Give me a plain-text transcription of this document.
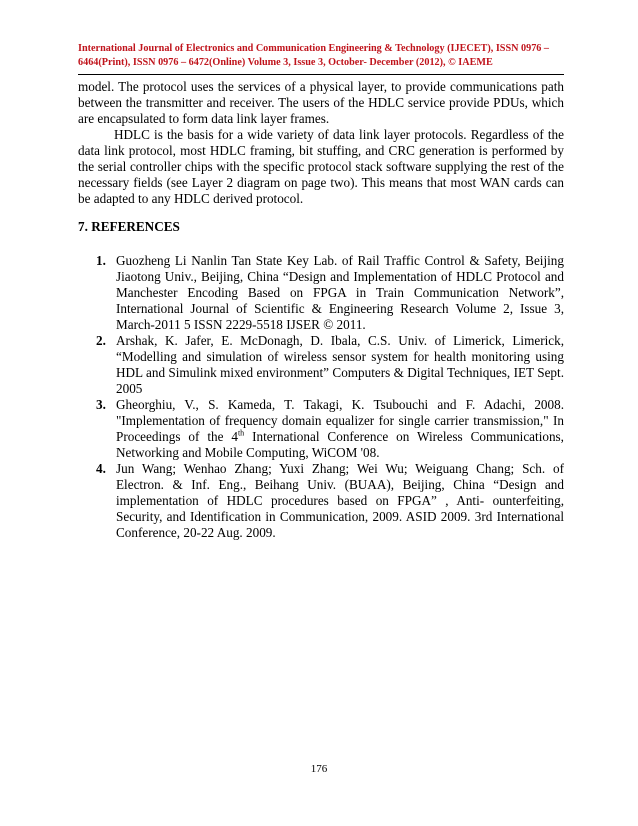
International Journal of Electronics and Communication Engineering & Technology (IJECET), ISSN 0976 –
6464(Print), ISSN 0976 – 6472(Online) Volume 3, Issue 3, October- December (2012), © IAEME

model. The protocol uses the services of a physical layer, to provide communications path between the transmitter and receiver. The users of the HDLC service provide PDUs, which are encapsulated to form data link layer frames.

HDLC is the basis for a wide variety of data link layer protocols. Regardless of the data link protocol, most HDLC framing, bit stuffing, and CRC generation is performed by the serial controller chips with the specific protocol stack software supplying the rest of the necessary fields (see Layer 2 diagram on page two). This means that most WAN cards can be adapted to any HDLC derived protocol.

7. REFERENCES
1. Guozheng Li Nanlin Tan State Key Lab. of Rail Traffic Control & Safety, Beijing Jiaotong Univ., Beijing, China “Design and Implementation of HDLC Protocol and Manchester Encoding Based on FPGA in Train Communication Network”, International Journal of Scientific & Engineering Research Volume 2, Issue 3, March-2011 5 ISSN 2229-5518 IJSER © 2011.
2. Arshak, K. Jafer, E. McDonagh, D. Ibala, C.S. Univ. of Limerick, Limerick, “Modelling and simulation of wireless sensor system for health monitoring using HDL and Simulink mixed environment” Computers & Digital Techniques, IET Sept. 2005
3. Gheorghiu, V., S. Kameda, T. Takagi, K. Tsubouchi and F. Adachi, 2008. "Implementation of frequency domain equalizer for single carrier transmission," In Proceedings of the 4th International Conference on Wireless Communications, Networking and Mobile Computing, WiCOM '08.
4. Jun Wang; Wenhao Zhang; Yuxi Zhang; Wei Wu; Weiguang Chang; Sch. of Electron. & Inf. Eng., Beihang Univ. (BUAA), Beijing, China “Design and implementation of HDLC procedures based on FPGA” , Anti- ounterfeiting, Security, and Identification in Communication, 2009. ASID 2009. 3rd International Conference, 20-22 Aug. 2009.
176
